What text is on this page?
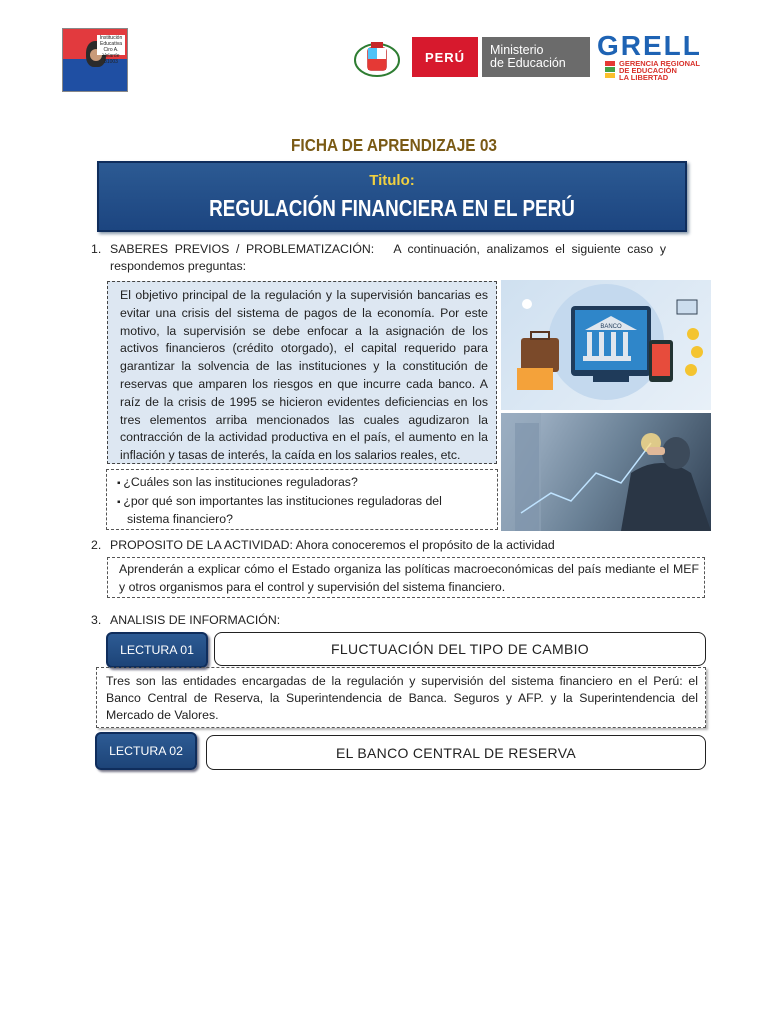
Institución Educativa Ciro A. Velarde 81003	PERÚ	Ministerio
de Educación
GRELL
GERENCIA REGIONAL
DE EDUCACIÓN
LA LIBERTAD
FICHA DE APRENDIZAJE 03
Titulo:
REGULACIÓN FINANCIERA EN EL PERÚ
1. SABERES PREVIOS / PROBLEMATIZACIÓN: A continuación, analizamos el siguiente caso y respondemos preguntas:
El objetivo principal de la regulación y la supervisión bancarias es evitar una crisis del sistema de pagos de la economía. Por este motivo, la supervisión se debe enfocar a la asignación de los activos financieros (crédito otorgado), el capital requerido para garantizar la solvencia de las instituciones y la constitución de reservas que amparen los riesgos en que incurre cada banco. A raíz de la crisis de 1995 se hicieron evidentes deficiencias en los tres elementos arriba mencionados las cuales agudizaron la contracción de la actividad productiva en el país, el aumento en la inflación y tasas de interés, la caída en los salarios reales, etc.
▪ ¿Cuáles son las instituciones reguladoras?
▪ ¿por qué son importantes las instituciones reguladoras del sistema financiero?
BANCO
2. PROPOSITO DE LA ACTIVIDAD: Ahora conoceremos el propósito de la actividad
Aprenderán a explicar cómo el Estado organiza las políticas macroeconómicas del país mediante el MEF y otros organismos para el control y supervisión del sistema financiero.
3. ANALISIS DE INFORMACIÓN:
LECTURA 01	FLUCTUACIÓN DEL TIPO DE CAMBIO
Tres son las entidades encargadas de la regulación y supervisión del sistema financiero en el Perú: el Banco Central de Reserva, la Superintendencia de Banca. Seguros y AFP. y la Superintendencia del Mercado de Valores.
LECTURA 02	EL BANCO CENTRAL DE RESERVA
